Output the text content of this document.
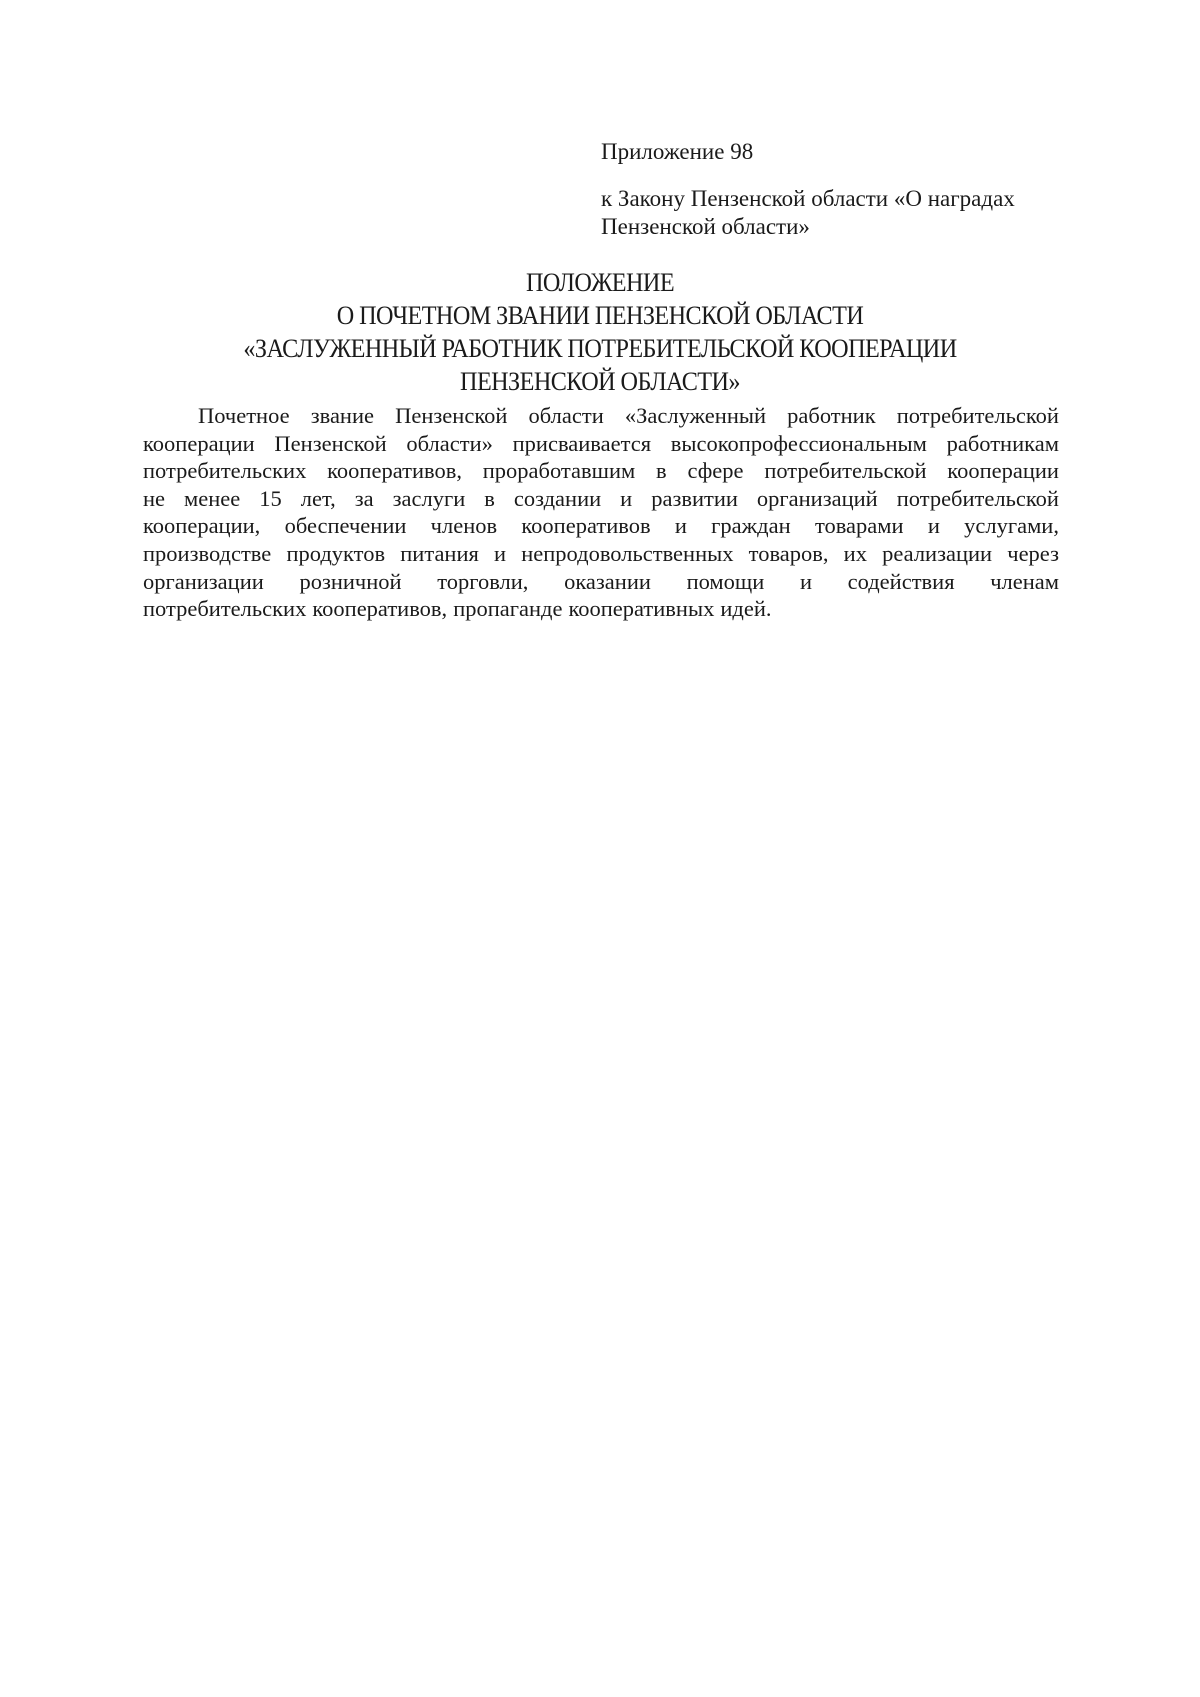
Приложение 98
к Закону Пензенской области «О наградах
Пензенской области»
ПОЛОЖЕНИЕ
О ПОЧЕТНОМ ЗВАНИИ ПЕНЗЕНСКОЙ ОБЛАСТИ
«ЗАСЛУЖЕННЫЙ РАБОТНИК ПОТРЕБИТЕЛЬСКОЙ КООПЕРАЦИИ
ПЕНЗЕНСКОЙ ОБЛАСТИ»
Почетное звание Пензенской области «Заслуженный работник потребительской
кооперации Пензенской области» присваивается высокопрофессиональным работникам
потребительских кооперативов, проработавшим в сфере потребительской кооперации
не менее 15 лет, за заслуги в создании и развитии организаций потребительской
кооперации, обеспечении членов кооперативов и граждан товарами и услугами,
производстве продуктов питания и непродовольственных товаров, их реализации через
организации розничной торговли, оказании помощи и содействия членам
потребительских кооперативов, пропаганде кооперативных идей.
